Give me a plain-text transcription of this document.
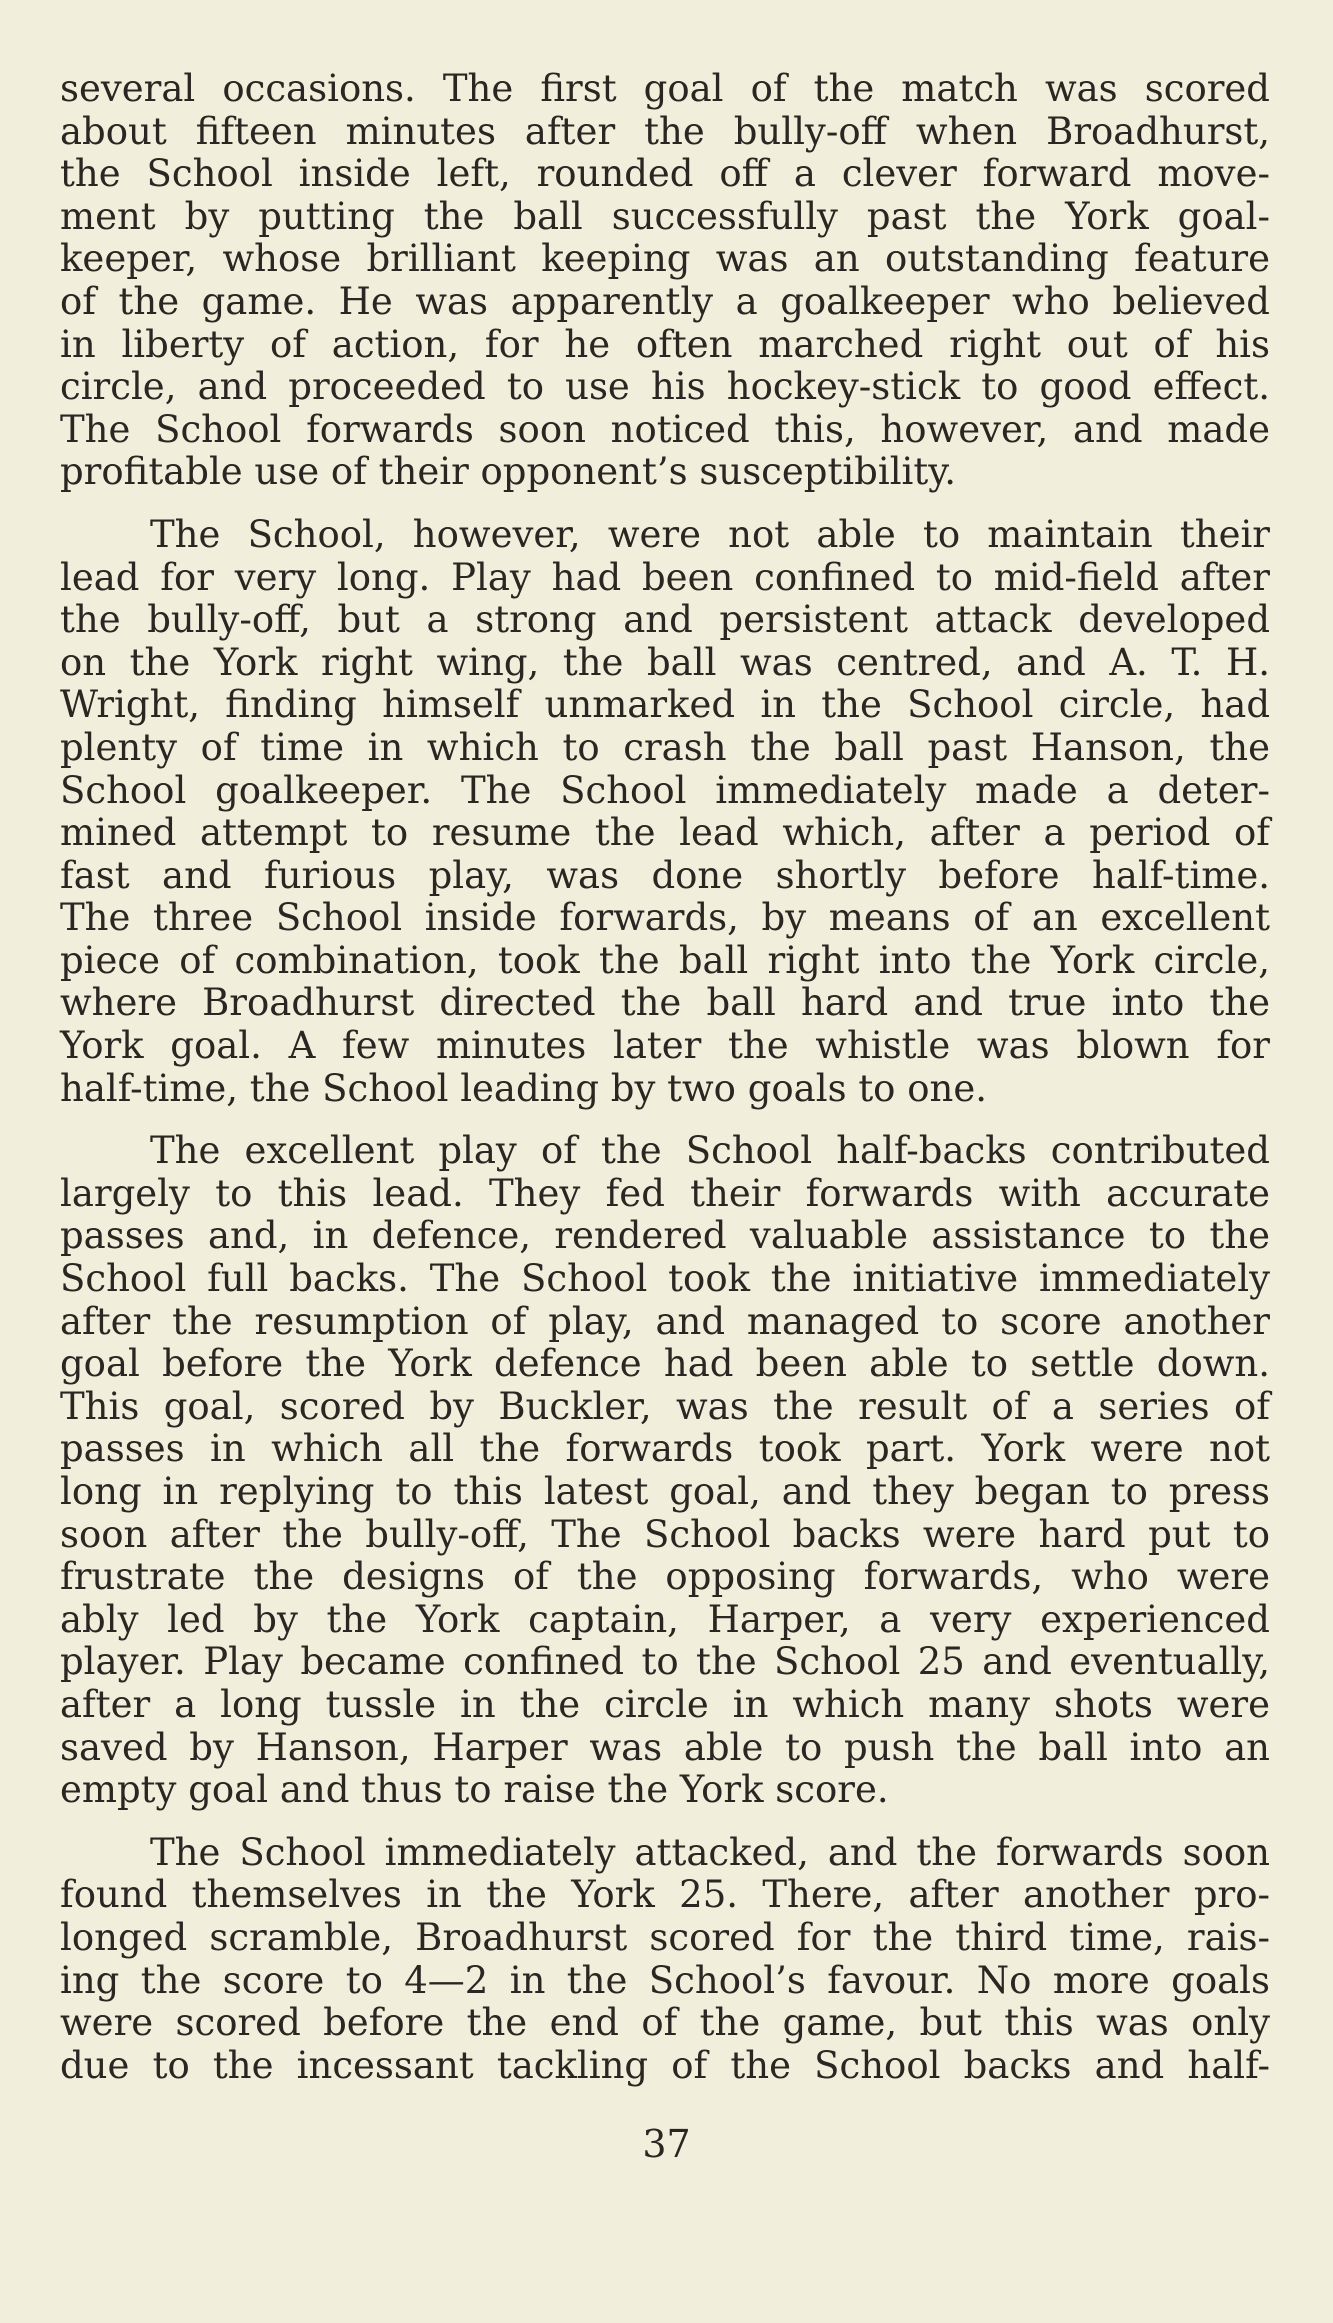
several occasions. The first goal of the match was scored
about fifteen minutes after the bully-off when Broadhurst,
the School inside left, rounded off a clever forward move-
ment by putting the ball successfully past the York goal-
keeper, whose brilliant keeping was an outstanding feature
of the game. He was apparently a goalkeeper who believed
in liberty of action, for he often marched right out of his
circle, and proceeded to use his hockey-stick to good effect.
The School forwards soon noticed this, however, and made
profitable use of their opponent’s susceptibility.
The School, however, were not able to maintain their
lead for very long. Play had been confined to mid-field after
the bully-off, but a strong and persistent attack developed
on the York right wing, the ball was centred, and A. T. H.
Wright, finding himself unmarked in the School circle, had
plenty of time in which to crash the ball past Hanson, the
School goalkeeper. The School immediately made a deter-
mined attempt to resume the lead which, after a period of
fast and furious play, was done shortly before half-time.
The three School inside forwards, by means of an excellent
piece of combination, took the ball right into the York circle,
where Broadhurst directed the ball hard and true into the
York goal. A few minutes later the whistle was blown for
half-time, the School leading by two goals to one.
The excellent play of the School half-backs contributed
largely to this lead. They fed their forwards with accurate
passes and, in defence, rendered valuable assistance to the
School full backs. The School took the initiative immediately
after the resumption of play, and managed to score another
goal before the York defence had been able to settle down.
This goal, scored by Buckler, was the result of a series of
passes in which all the forwards took part. York were not
long in replying to this latest goal, and they began to press
soon after the bully-off, The School backs were hard put to
frustrate the designs of the opposing forwards, who were
ably led by the York captain, Harper, a very experienced
player. Play became confined to the School 25 and eventually,
after a long tussle in the circle in which many shots were
saved by Hanson, Harper was able to push the ball into an
empty goal and thus to raise the York score.
The School immediately attacked, and the forwards soon
found themselves in the York 25. There, after another pro-
longed scramble, Broadhurst scored for the third time, rais-
ing the score to 4—2 in the School’s favour. No more goals
were scored before the end of the game, but this was only
due to the incessant tackling of the School backs and half-
37
